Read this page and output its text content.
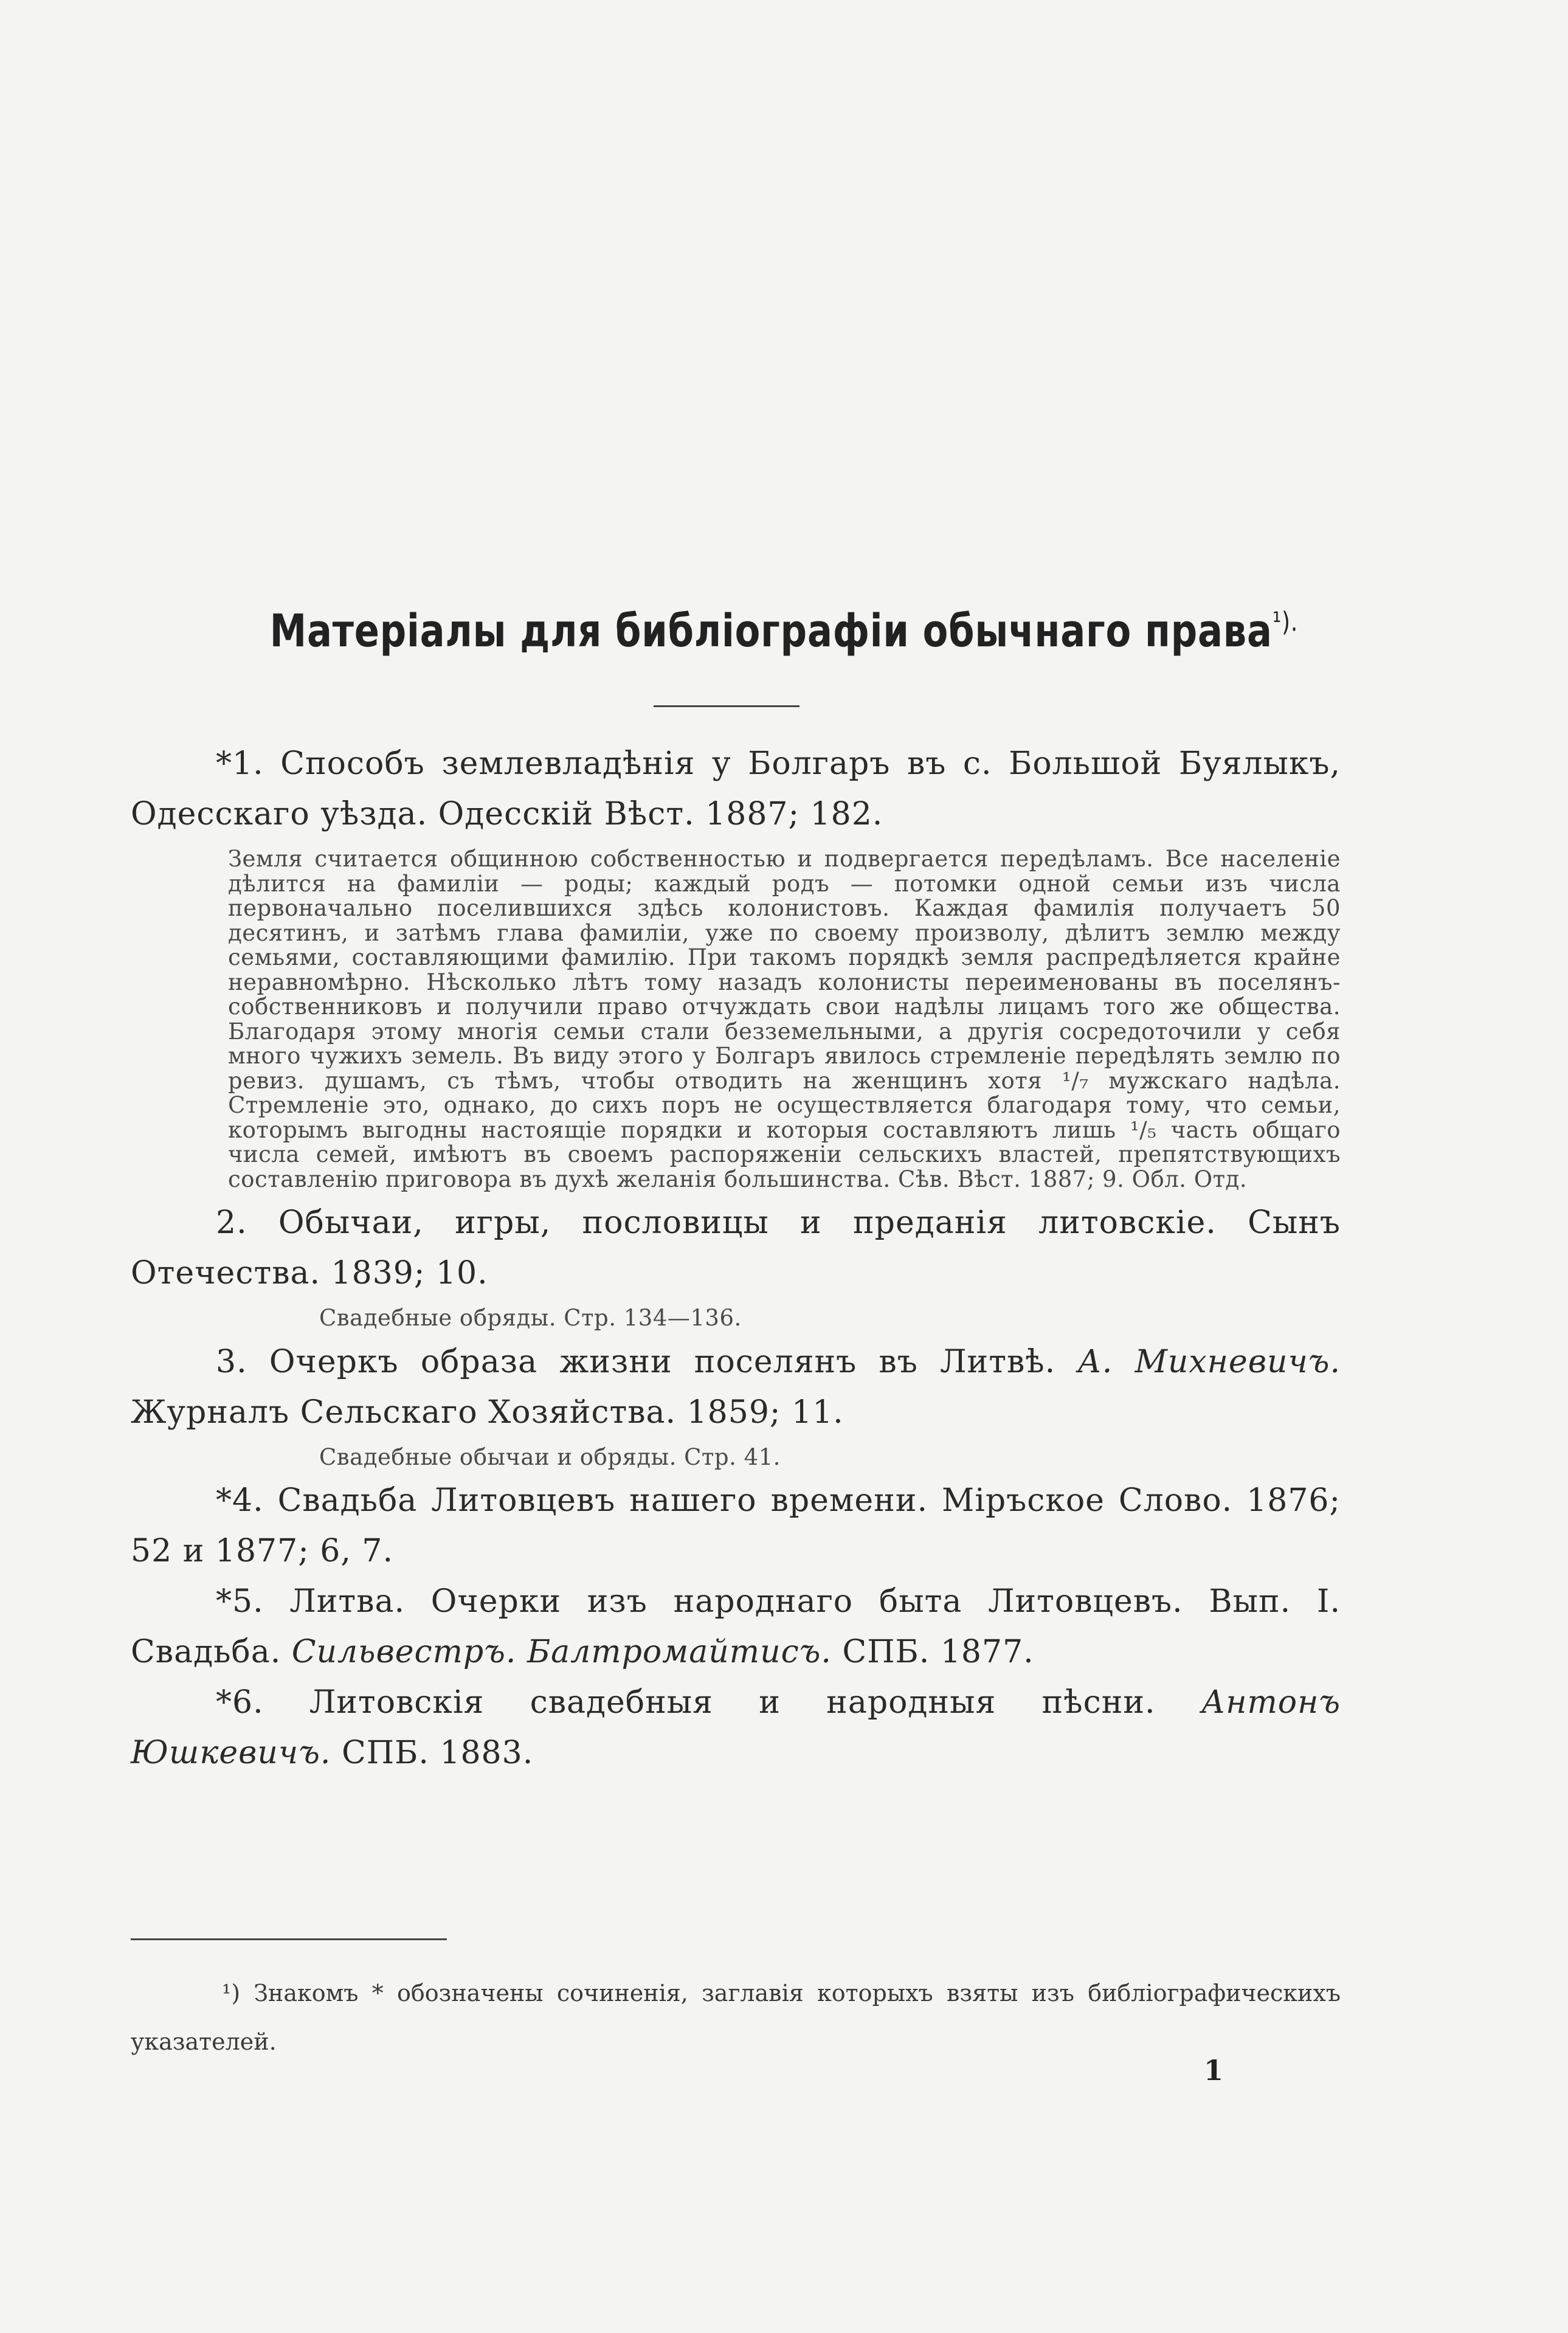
Матеріалы для библіографіи обычнаго права$^{^1).}$

*1. Способъ землевладѣнія у Болгаръ въ с. Большой Буялыкъ, Одесскаго уѣзда. Одесскій Вѣст. 1887; 182.

Земля считается общинною собственностью и подвергается передѣламъ. Все населеніе дѣлится на фамиліи — роды; каждый родъ — потомки одной семьи изъ числа первоначально поселившихся здѣсь колонистовъ. Каждая фамилія получаетъ 50 десятинъ, и затѣмъ глава фамиліи, уже по своему произволу, дѣлитъ землю между семьями, составляющими фамилію. При такомъ порядкѣ земля распредѣляется крайне неравномѣрно. Нѣсколько лѣтъ тому назадъ колонисты переименованы въ поселянъ-собственниковъ и получили право отчуждать свои надѣлы лицамъ того же общества. Благодаря этому многія семьи стали безземельными, а другія сосредоточили у себя много чужихъ земель. Въ виду этого у Болгаръ явилось стремленіе передѣлять землю по ревиз. душамъ, съ тѣмъ, чтобы отводить на женщинъ хотя ¹/₇ мужскаго надѣла. Стремленіе это, однако, до сихъ поръ не осуществляется благодаря тому, что семьи, которымъ выгодны настоящіе порядки и которыя составляютъ лишь ¹/₅ часть общаго числа семей, имѣютъ въ своемъ распоряженіи сельскихъ властей, препятствующихъ составленію приговора въ духѣ желанія большинства. Сѣв. Вѣст. 1887; 9. Обл. Отд.

2. Обычаи, игры, пословицы и преданія литовскіе. Сынъ Отечества. 1839; 10.

Свадебные обряды. Стр. 134—136.

3. Очеркъ образа жизни поселянъ въ Литвѣ. А. Михневичъ. Журналъ Сельскаго Хозяйства. 1859; 11.

Свадебные обычаи и обряды. Стр. 41.

*4. Свадьба Литовцевъ нашего времени. Міръское Слово. 1876; 52 и 1877; 6, 7.

*5. Литва. Очерки изъ народнаго быта Литовцевъ. Вып. I. Свадьба. Сильвестръ. Балтромайтисъ. СПБ. 1877.

*6. Литовскія свадебныя и народныя пѣсни. Антонъ Юшкевичъ. СПБ. 1883.

¹) Знакомъ * обозначены сочиненія, заглавія которыхъ взяты изъ библіографическихъ указателей.
1
